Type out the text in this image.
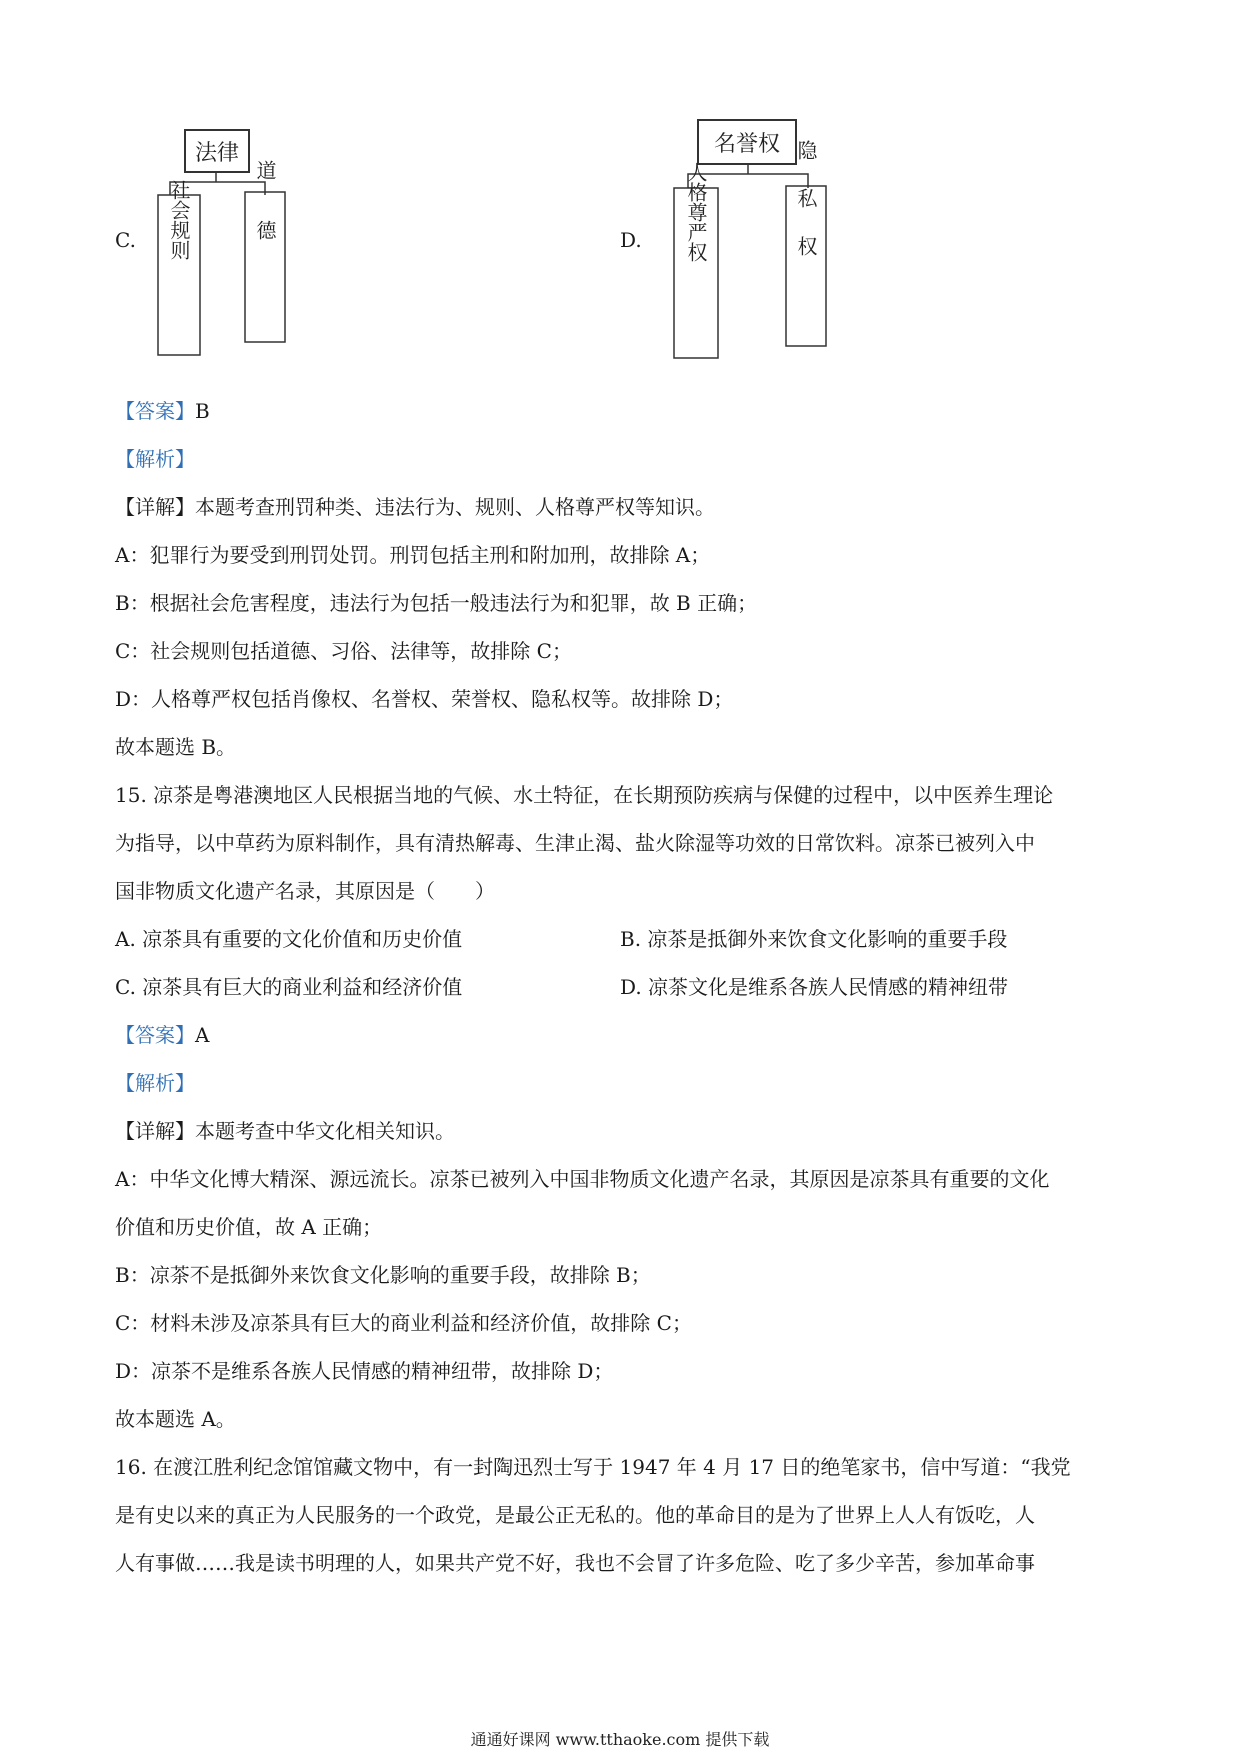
C.
法律
社会规则	道德	D.
名誉权
人格尊严权	隐私权
【答案】B
【解析】
【详解】本题考查刑罚种类、违法行为、规则、人格尊严权等知识。
A：犯罪行为要受到刑罚处罚。刑罚包括主刑和附加刑，故排除 A；
B：根据社会危害程度，违法行为包括一般违法行为和犯罪，故 B 正确；
C：社会规则包括道德、习俗、法律等，故排除 C；
D：人格尊严权包括肖像权、名誉权、荣誉权、隐私权等。故排除 D；
故本题选 B。
15. 凉茶是粤港澳地区人民根据当地的气候、水土特征，在长期预防疾病与保健的过程中，以中医养生理论
为指导，以中草药为原料制作，具有清热解毒、生津止渴、盐火除湿等功效的日常饮料。凉茶已被列入中
国非物质文化遗产名录，其原因是（　　）
A. 凉茶具有重要的文化价值和历史价值	B. 凉茶是抵御外来饮食文化影响的重要手段
C. 凉茶具有巨大的商业利益和经济价值	D. 凉茶文化是维系各族人民情感的精神纽带
【答案】A
【解析】
【详解】本题考查中华文化相关知识。
A：中华文化博大精深、源远流长。凉茶已被列入中国非物质文化遗产名录，其原因是凉茶具有重要的文化
价值和历史价值，故 A 正确；
B：凉茶不是抵御外来饮食文化影响的重要手段，故排除 B；
C：材料未涉及凉茶具有巨大的商业利益和经济价值，故排除 C；
D：凉茶不是维系各族人民情感的精神纽带，故排除 D；
故本题选 A。
16. 在渡江胜利纪念馆馆藏文物中，有一封陶迅烈士写于 1947 年 4 月 17 日的绝笔家书，信中写道：“我党
是有史以来的真正为人民服务的一个政党，是最公正无私的。他的革命目的是为了世界上人人有饭吃，人
人有事做……我是读书明理的人，如果共产党不好，我也不会冒了许多危险、吃了多少辛苦，参加革命事
通通好课网 www.tthaoke.com 提供下载
